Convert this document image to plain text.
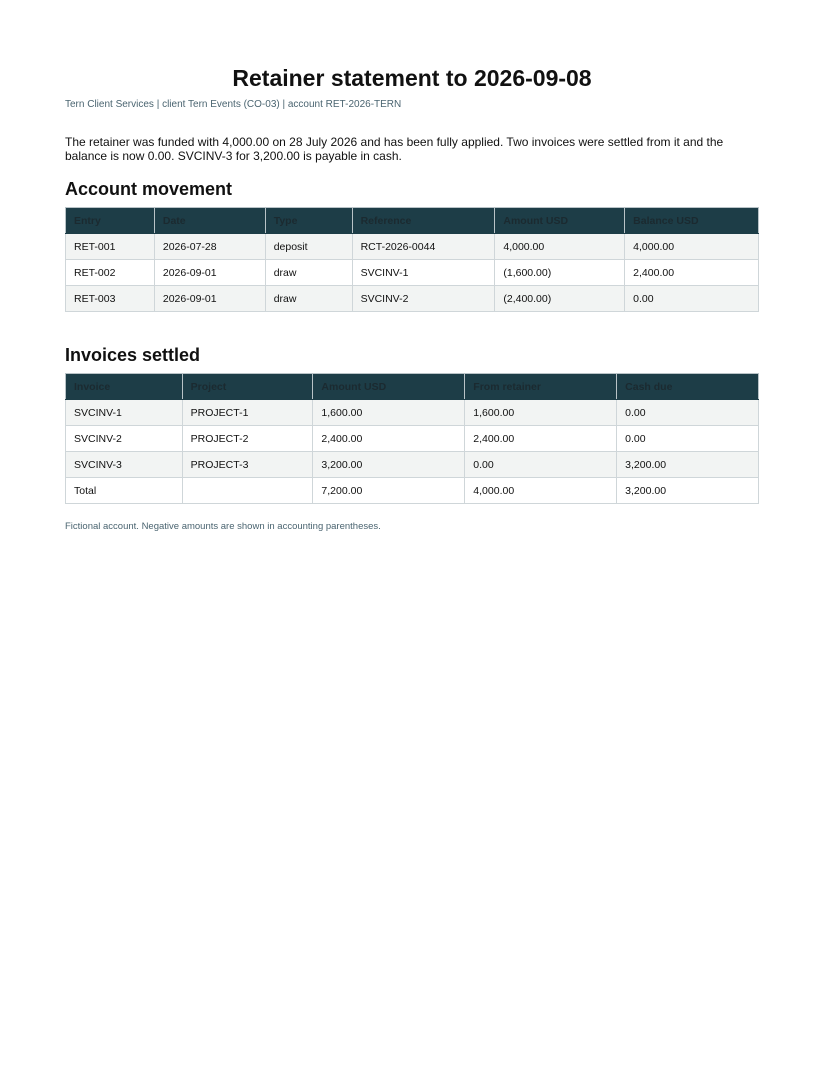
Retainer statement to 2026-09-08
Tern Client Services | client Tern Events (CO-03) | account RET-2026-TERN

The retainer was funded with 4,000.00 on 28 July 2026 and has been fully applied. Two invoices were settled from it and the balance is now 0.00. SVCINV-3 for 3,200.00 is payable in cash.

Account movement
Entry	Date	Type	Reference	Amount USD	Balance USD
RET-001	2026-07-28	deposit	RCT-2026-0044	4,000.00	4,000.00
RET-002	2026-09-01	draw	SVCINV-1	(1,600.00)	2,400.00
RET-003	2026-09-01	draw	SVCINV-2	(2,400.00)	0.00
Invoices settled
Invoice	Project	Amount USD	From retainer	Cash due
SVCINV-1	PROJECT-1	1,600.00	1,600.00	0.00
SVCINV-2	PROJECT-2	2,400.00	2,400.00	0.00
SVCINV-3	PROJECT-3	3,200.00	0.00	3,200.00
Total		7,200.00	4,000.00	3,200.00
Fictional account. Negative amounts are shown in accounting parentheses.
